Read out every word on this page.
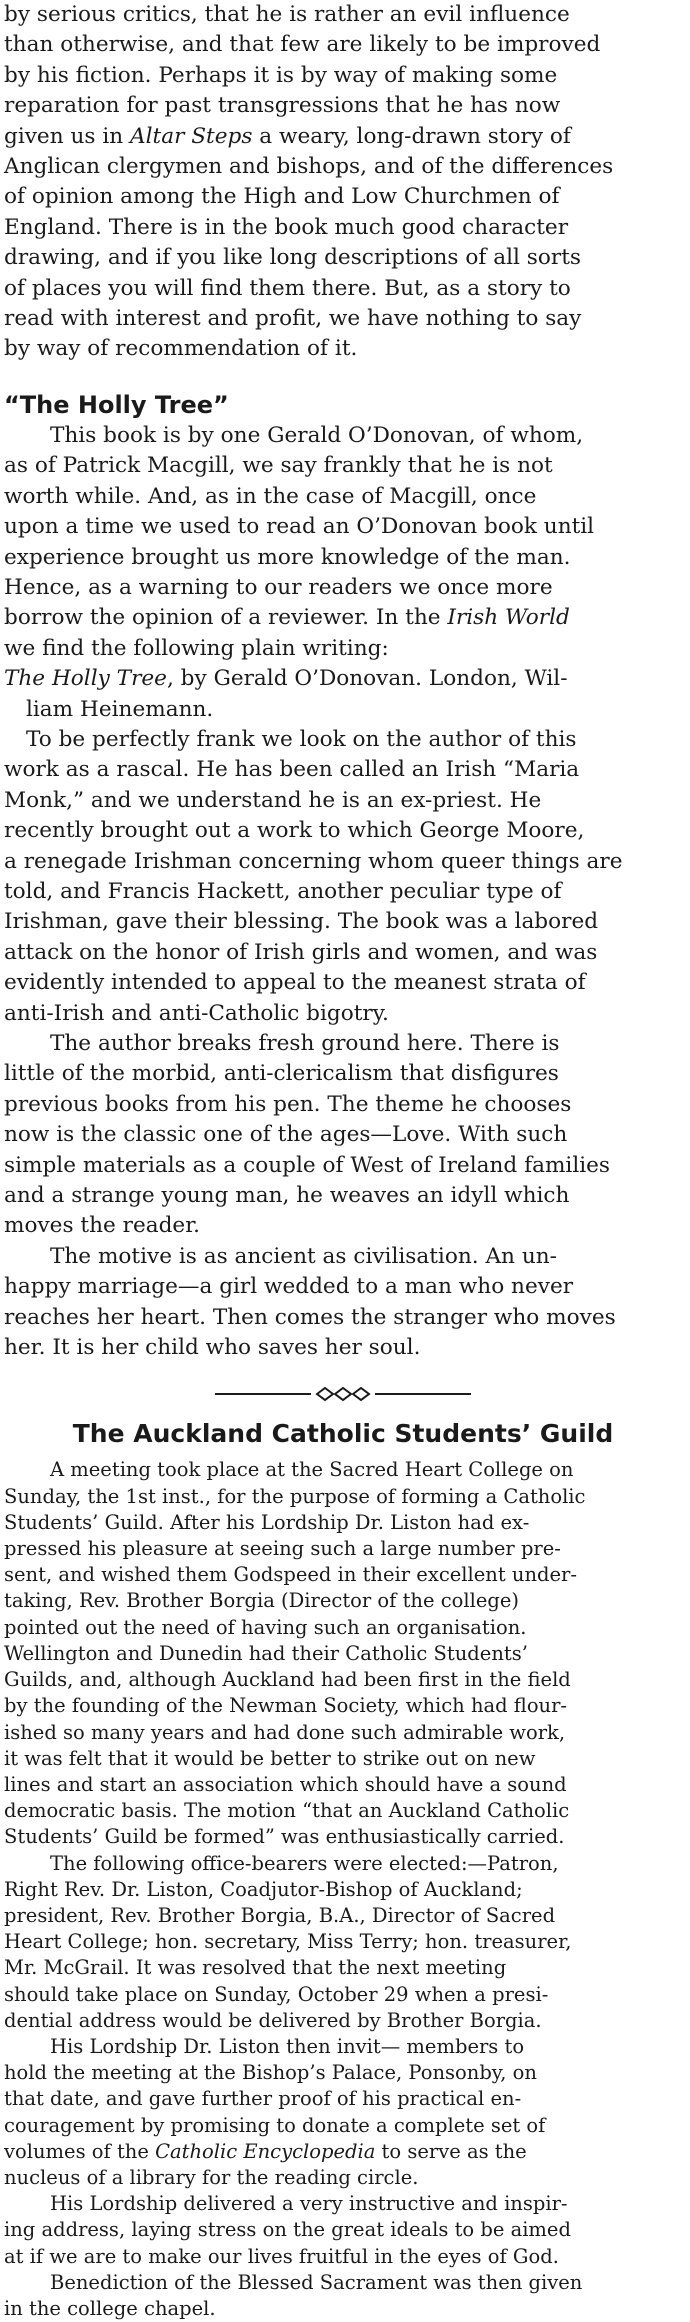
by serious critics, that he is rather an evil influence
than otherwise, and that few are likely to be improved
by his fiction. Perhaps it is by way of making some
reparation for past transgressions that he has now
given us in Altar Steps a weary, long-drawn story of
Anglican clergymen and bishops, and of the differences
of opinion among the High and Low Churchmen of
England. There is in the book much good character
drawing, and if you like long descriptions of all sorts
of places you will find them there. But, as a story to
read with interest and profit, we have nothing to say
by way of recommendation of it.

“The Holly Tree”

This book is by one Gerald O’Donovan, of whom,
as of Patrick Macgill, we say frankly that he is not
worth while. And, as in the case of Macgill, once
upon a time we used to read an O’Donovan book until
experience brought us more knowledge of the man.
Hence, as a warning to our readers we once more
borrow the opinion of a reviewer. In the Irish World
we find the following plain writing:

The Holly Tree, by Gerald O’Donovan. London, Wil-
liam Heinemann.

To be perfectly frank we look on the author of this
work as a rascal. He has been called an Irish “Maria
Monk,” and we understand he is an ex-priest. He
recently brought out a work to which George Moore,
a renegade Irishman concerning whom queer things are
told, and Francis Hackett, another peculiar type of
Irishman, gave their blessing. The book was a labored
attack on the honor of Irish girls and women, and was
evidently intended to appeal to the meanest strata of
anti-Irish and anti-Catholic bigotry.

The author breaks fresh ground here. There is
little of the morbid, anti-clericalism that disfigures
previous books from his pen. The theme he chooses
now is the classic one of the ages—Love. With such
simple materials as a couple of West of Ireland families
and a strange young man, he weaves an idyll which
moves the reader.

The motive is as ancient as civilisation. An un-
happy marriage—a girl wedded to a man who never
reaches her heart. Then comes the stranger who moves
her. It is her child who saves her soul.

The Auckland Catholic Students’ Guild

A meeting took place at the Sacred Heart College on
Sunday, the 1st inst., for the purpose of forming a Catholic
Students’ Guild. After his Lordship Dr. Liston had ex-
pressed his pleasure at seeing such a large number pre-
sent, and wished them Godspeed in their excellent under-
taking, Rev. Brother Borgia (Director of the college)
pointed out the need of having such an organisation.
Wellington and Dunedin had their Catholic Students’
Guilds, and, although Auckland had been first in the field
by the founding of the Newman Society, which had flour-
ished so many years and had done such admirable work,
it was felt that it would be better to strike out on new
lines and start an association which should have a sound
democratic basis. The motion “that an Auckland Catholic
Students’ Guild be formed” was enthusiastically carried.

The following office-bearers were elected:—Patron,
Right Rev. Dr. Liston, Coadjutor-Bishop of Auckland;
president, Rev. Brother Borgia, B.A., Director of Sacred
Heart College; hon. secretary, Miss Terry; hon. treasurer,
Mr. McGrail. It was resolved that the next meeting
should take place on Sunday, October 29 when a presi-
dential address would be delivered by Brother Borgia.

His Lordship Dr. Liston then invit— members to
hold the meeting at the Bishop’s Palace, Ponsonby, on
that date, and gave further proof of his practical en-
couragement by promising to donate a complete set of
volumes of the Catholic Encyclopedia to serve as the
nucleus of a library for the reading circle.

His Lordship delivered a very instructive and inspir-
ing address, laying stress on the great ideals to be aimed
at if we are to make our lives fruitful in the eyes of God.

Benediction of the Blessed Sacrament was then given
in the college chapel.
